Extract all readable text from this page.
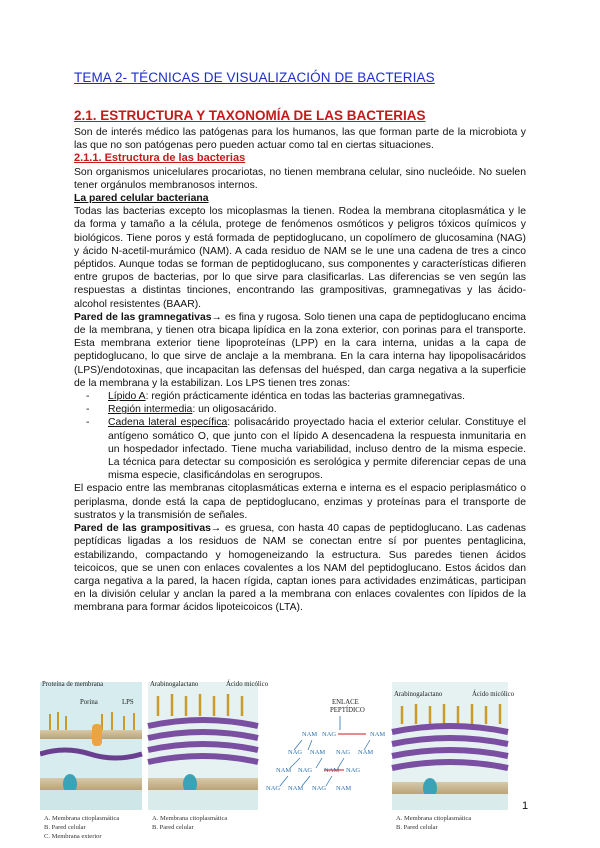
TEMA 2- TÉCNICAS DE VISUALIZACIÓN DE BACTERIAS
2.1. ESTRUCTURA Y TAXONOMÍA DE LAS BACTERIAS
Son de interés médico las patógenas para los humanos, las que forman parte de la microbiota y las que no son patógenas pero pueden actuar como tal en ciertas situaciones.
2.1.1. Estructura de las bacterias
Son organismos unicelulares procariotas, no tienen membrana celular, sino nucleóide. No suelen tener orgánulos membranosos internos.
La pared celular bacteriana
Todas las bacterias excepto los micoplasmas la tienen. Rodea la membrana citoplasmática y le da forma y tamaño a la célula, protege de fenómenos osmóticos y peligros tóxicos químicos y biológicos. Tiene poros y está formada de peptidoglucano, un copolímero de glucosamina (NAG) y ácido N-acetil-murámico (NAM). A cada residuo de NAM se le une una cadena de tres a cinco péptidos. Aunque todas se forman de peptidoglucano, sus componentes y características difieren entre grupos de bacterias, por lo que sirve para clasificarlas. Las diferencias se ven según las respuestas a distintas tinciones, encontrando las grampositivas, gramnegativas y las ácido-alcohol resistentes (BAAR).
Pared de las gramnegativas→ es fina y rugosa. Solo tienen una capa de peptidoglucano encima de la membrana, y tienen otra bicapa lipídica en la zona exterior, con porinas para el transporte. Esta membrana exterior tiene lipoproteínas (LPP) en la cara interna, unidas a la capa de peptidoglucano, lo que sirve de anclaje a la membrana. En la cara interna hay lipopolisacáridos (LPS)/endotoxinas, que incapacitan las defensas del huésped, dan carga negativa a la superficie de la membrana y la estabilizan. Los LPS tienen tres zonas:
- Lípido A: región prácticamente idéntica en todas las bacterias gramnegativas.
- Región intermedia: un oligosacárido.
- Cadena lateral específica: polisacárido proyectado hacia el exterior celular. Constituye el antígeno somático O, que junto con el lípido A desencadena la respuesta inmunitaria en un hospedador infectado. Tiene mucha variabilidad, incluso dentro de la misma especie. La técnica para detectar su composición es serológica y permite diferenciar cepas de una misma especie, clasificándolas en serogrupos.
El espacio entre las membranas citoplasmáticas externa e interna es el espacio periplasmático o periplasma, donde está la capa de peptidoglucano, enzimas y proteínas para el transporte de sustratos y la transmisión de señales.
Pared de las grampositivas→ es gruesa, con hasta 40 capas de peptidoglucano. Las cadenas peptídicas ligadas a los residuos de NAM se conectan entre sí por puentes pentaglicina, estabilizando, compactando y homogeneizando la estructura. Sus paredes tienen ácidos teicoicos, que se unen con enlaces covalentes a los NAM del peptidoglucano. Estos ácidos dan carga negativa a la pared, la hacen rígida, captan iones para actividades enzimáticas, participan en la división celular y anclan la pared a la membrana con enlaces covalentes con lípidos de la membrana para formar ácidos lipoteicoicos (LTA).
Proteína de membrana
Porina	LPS
A. Membrana citoplasmática
B. Pared celular
C. Membrana exterior
Arabinogalactano	Ácido micólico
A. Membrana citoplasmática
B. Pared celular
ENLACE
PEPTÍDICO
NAM NAG	NAM
NAG NAM NAG NAM
NAM NAG NAM NAG
NAG NAM NAG NAM
Arabinogalactano	Ácido micólico
A. Membrana citoplasmática
B. Pared celular
1
